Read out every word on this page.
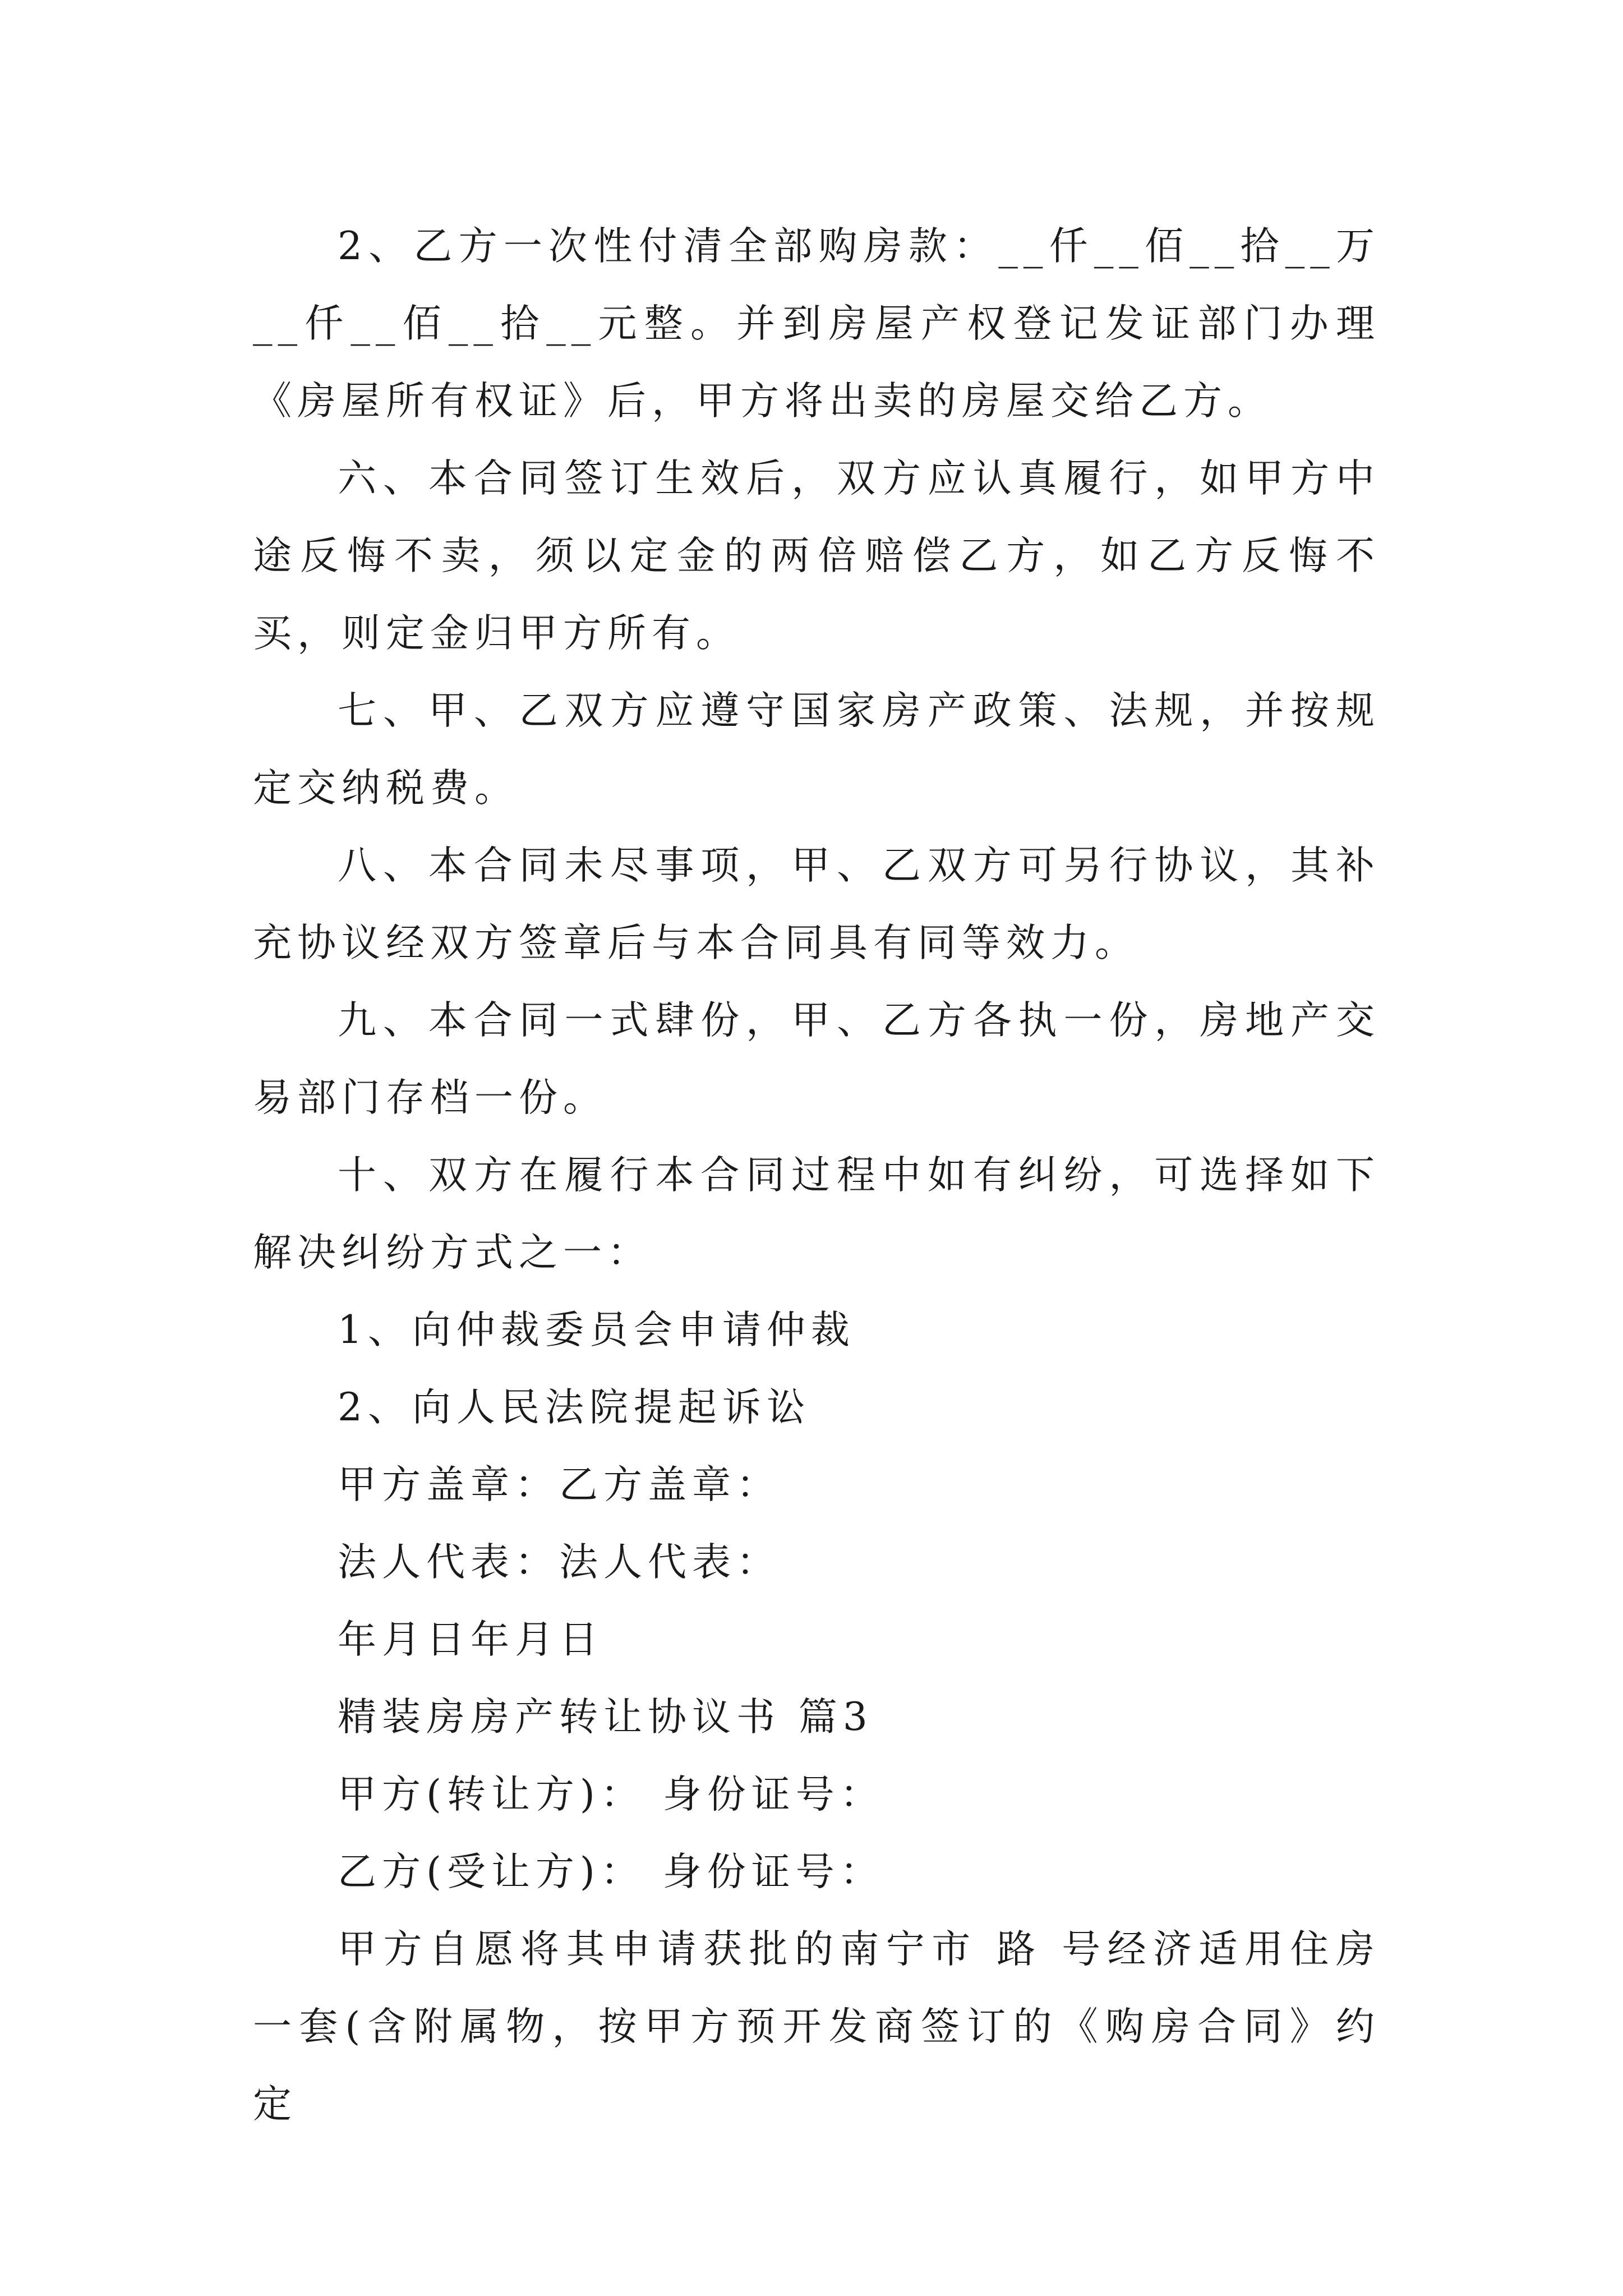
2、乙方一次性付清全部购房款：__仟__佰__拾__万__仟__佰__拾__元整。并到房屋产权登记发证部门办理《房屋所有权证》后，甲方将出卖的房屋交给乙方。

六、本合同签订生效后，双方应认真履行，如甲方中途反悔不卖，须以定金的两倍赔偿乙方，如乙方反悔不买，则定金归甲方所有。

七、甲、乙双方应遵守国家房产政策、法规，并按规定交纳税费。

八、本合同未尽事项，甲、乙双方可另行协议，其补充协议经双方签章后与本合同具有同等效力。

九、本合同一式肆份，甲、乙方各执一份，房地产交易部门存档一份。

十、双方在履行本合同过程中如有纠纷，可选择如下解决纠纷方式之一：

1、向仲裁委员会申请仲裁

2、向人民法院提起诉讼

甲方盖章：乙方盖章：

法人代表：法人代表：

年月日年月日

精装房房产转让协议书 篇3

甲方(转让方)： 身份证号：

乙方(受让方)： 身份证号：

甲方自愿将其申请获批的南宁市 路 号经济适用住房一套(含附属物，按甲方预开发商签订的《购房合同》约定
